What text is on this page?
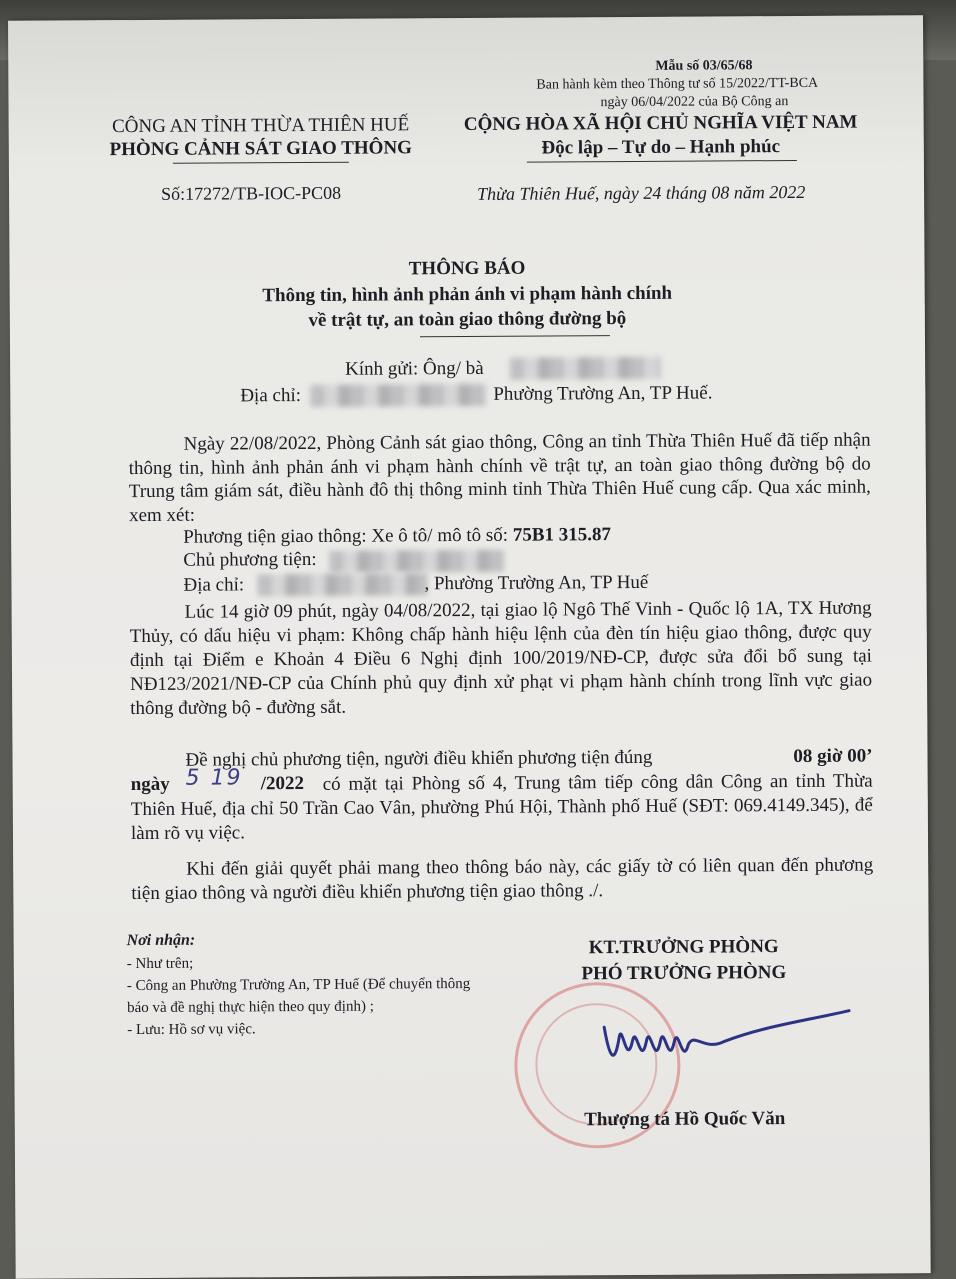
Mẫu số 03/65/68
Ban hành kèm theo Thông tư số 15/2022/TT-BCA
ngày 06/04/2022 của Bộ Công an
CÔNG AN TỈNH THỪA THIÊN HUẾ
PHÒNG CẢNH SÁT GIAO THÔNG
Số:17272/TB-IOC-PC08
CỘNG HÒA XÃ HỘI CHỦ NGHĨA VIỆT NAM
Độc lập – Tự do – Hạnh phúc
Thừa Thiên Huế, ngày 24 tháng 08 năm 2022
THÔNG BÁO
Thông tin, hình ảnh phản ánh vi phạm hành chính
về trật tự, an toàn giao thông đường bộ
Kính gửi: Ông/ bà
Địa chỉ:	Phường Trường An, TP Huế.
Ngày 22/08/2022, Phòng Cảnh sát giao thông, Công an tỉnh Thừa Thiên Huế đã tiếp nhận thông tin, hình ảnh phản ánh vi phạm hành chính về trật tự, an toàn giao thông đường bộ do Trung tâm giám sát, điều hành đô thị thông minh tỉnh Thừa Thiên Huế cung cấp. Qua xác minh, xem xét:
Phương tiện giao thông: Xe ô tô/ mô tô số: 75B1 315.87
Chủ phương tiện:
Địa chỉ:	, Phường Trường An, TP Huế
Lúc 14 giờ 09 phút, ngày 04/08/2022, tại giao lộ Ngô Thế Vinh - Quốc lộ 1A, TX Hương Thủy, có dấu hiệu vi phạm: Không chấp hành hiệu lệnh của đèn tín hiệu giao thông, được quy định tại Điểm e Khoản 4 Điều 6 Nghị định 100/2019/NĐ-CP, được sửa đổi bổ sung tại NĐ123/2021/NĐ-CP của Chính phủ quy định xử phạt vi phạm hành chính trong lĩnh vực giao thông đường bộ - đường sắt.
Đề nghị chủ phương tiện, người điều khiển phương tiện đúng	08 giờ 00’
ngày 5 19 /2022 có mặt tại Phòng số 4, Trung tâm tiếp công dân Công an tỉnh Thừa Thiên Huế, địa chỉ 50 Trần Cao Vân, phường Phú Hội, Thành phố Huế (SĐT: 069.4149.345), để làm rõ vụ việc.
Khi đến giải quyết phải mang theo thông báo này, các giấy tờ có liên quan đến phương tiện giao thông và người điều khiển phương tiện giao thông ./.
Nơi nhận:
- Như trên;
- Công an Phường Trường An, TP Huế (Để chuyển thông báo và đề nghị thực hiện theo quy định) ;
- Lưu: Hồ sơ vụ việc.
KT.TRƯỞNG PHÒNG
PHÓ TRƯỞNG PHÒNG
Thượng tá Hồ Quốc Văn
